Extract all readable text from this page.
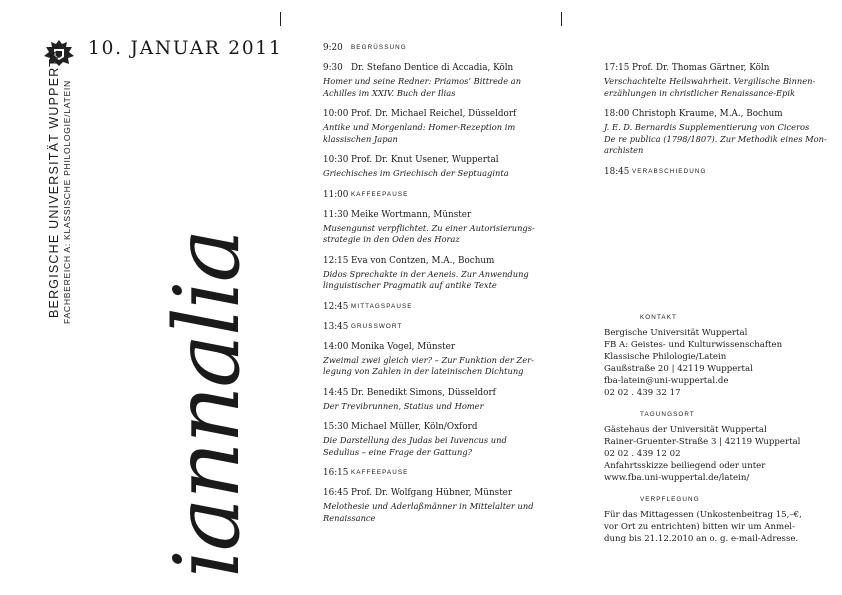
BERGISCHE UNIVERSITÄT WUPPERTAL FACHBEREICH A: KLASSISCHE PHILOLOGIE/LATEIN
10. JANUAR 2011
iannalia
9:20	BEGRÜSSUNG
9:30 Dr. Stefano Dentice di Accadia, Köln
Homer und seine Redner: Priamos’ Bittrede an
Achilles im XXIV. Buch der Ilias
10:00 Prof. Dr. Michael Reichel, Düsseldorf
Antike und Morgenland: Homer-Rezeption im
klassischen Japan
10:30 Prof. Dr. Knut Usener, Wuppertal
Griechisches im Griechisch der Septuaginta
11:00 KAFFEEPAUSE
11:30 Meike Wortmann, Münster
Musengunst verpflichtet. Zu einer Autorisierungs-
strategie in den Oden des Horaz
12:15 Eva von Contzen, M.A., Bochum
Didos Sprechakte in der Aeneis. Zur Anwendung
linguistischer Pragmatik auf antike Texte
12:45 MITTAGSPAUSE
13:45 GRUSSWORT
14:00 Monika Vogel, Münster
Zweimal zwei gleich vier? – Zur Funktion der Zer-
legung von Zahlen in der lateinischen Dichtung
14:45 Dr. Benedikt Simons, Düsseldorf
Der Trevibrunnen, Statius und Homer
15:30 Michael Müller, Köln/Oxford
Die Darstellung des Judas bei Iuvencus und
Sedulius – eine Frage der Gattung?
16:15 KAFFEEPAUSE
16:45 Prof. Dr. Wolfgang Hübner, Münster
Melothesie und Aderlaßmänner in Mittelalter und
Renaissance
17:15 Prof. Dr. Thomas Gärtner, Köln
Verschachtelte Heilswahrheit. Vergilische Binnen-
erzählungen in christlicher Renaissance-Epik
18:00 Christoph Kraume, M.A., Bochum
J. E. D. Bernardis Supplementierung von Ciceros
De re publica (1798/1807). Zur Methodik eines Mon-
archisten
18:45 VERABSCHIEDUNG
KONTAKT
Bergische Universität Wuppertal
FB A: Geistes- und Kulturwissenschaften
Klassische Philologie/Latein
Gaußstraße 20 | 42119 Wuppertal
fba-latein@uni-wuppertal.de
02 02 . 439 32 17
TAGUNGSORT
Gästehaus der Universität Wuppertal
Rainer-Gruenter-Straße 3 | 42119 Wuppertal
02 02 . 439 12 02
Anfahrtsskizze beiliegend oder unter
www.fba.uni-wuppertal.de/latein/
VERPFLEGUNG
Für das Mittagessen (Unkostenbeitrag 15,–€,
vor Ort zu entrichten) bitten wir um Anmel-
dung bis 21.12.2010 an o. g. e-mail-Adresse.
